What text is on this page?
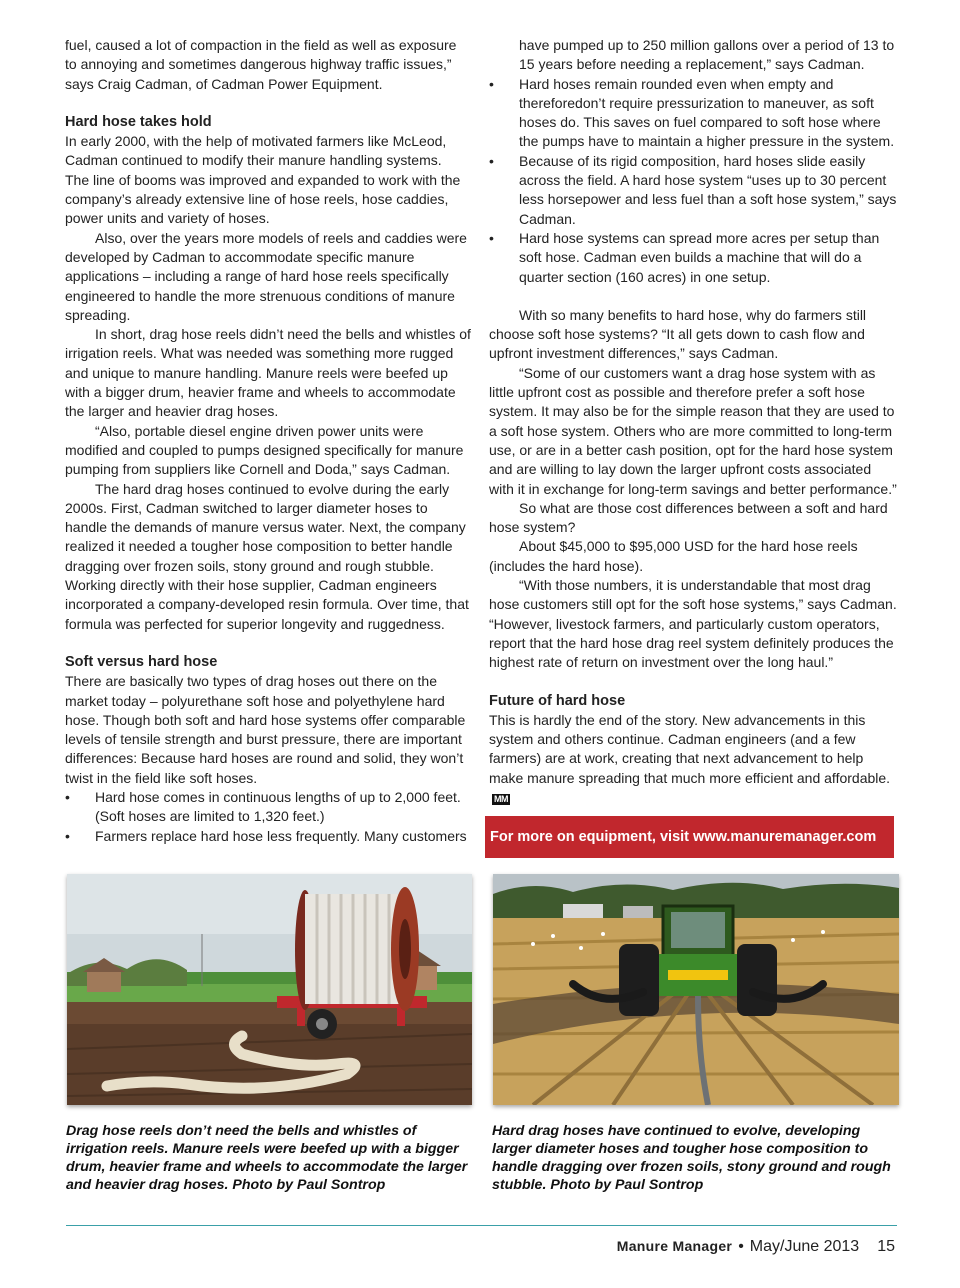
fuel, caused a lot of compaction in the field as well as exposure to annoying and sometimes dangerous highway traffic issues,” says Craig Cadman, of Cadman Power Equipment.

Hard hose takes hold

In early 2000, with the help of motivated farmers like McLeod, Cadman continued to modify their manure handling systems.

The line of booms was improved and expanded to work with the company’s already extensive line of hose reels, hose caddies, power units and variety of hoses.

Also, over the years more models of reels and caddies were developed by Cadman to accommodate specific manure applications – including a range of hard hose reels specifically engineered to handle the more strenuous conditions of manure spreading.

In short, drag hose reels didn’t need the bells and whistles of irrigation reels. What was needed was something more rugged and unique to manure handling. Manure reels were beefed up with a bigger drum, heavier frame and wheels to accommodate the larger and heavier drag hoses.

“Also, portable diesel engine driven power units were modified and coupled to pumps designed specifically for manure pumping from suppliers like Cornell and Doda,” says Cadman.

The hard drag hoses continued to evolve during the early 2000s. First, Cadman switched to larger diameter hoses to handle the demands of manure versus water. Next, the company realized it needed a tougher hose composition to better handle dragging over frozen soils, stony ground and rough stubble. Working directly with their hose supplier, Cadman engineers incorporated a company-developed resin formula. Over time, that formula was perfected for superior longevity and ruggedness.

Soft versus hard hose

There are basically two types of drag hoses out there on the market today – polyurethane soft hose and polyethylene hard hose. Though both soft and hard hose systems offer comparable levels of tensile strength and burst pressure, there are important differences: Because hard hoses are round and solid, they won’t twist in the field like soft hoses.

•	Hard hose comes in continuous lengths of up to 2,000 feet. (Soft hoses are limited to 1,320 feet.)
•	Farmers replace hard hose less frequently. Many customers

have pumped up to 250 million gallons over a period of 13 to 15 years before needing a replacement,” says Cadman.

•	Hard hoses remain rounded even when empty and thereforedon’t require pressurization to maneuver, as soft hoses do. This saves on fuel compared to soft hose where the pumps have to maintain a higher pressure in the system.
•	Because of its rigid composition, hard hoses slide easily across the field. A hard hose system “uses up to 30 percent less horsepower and less fuel than a soft hose system,” says Cadman.
•	Hard hose systems can spread more acres per setup than soft hose. Cadman even builds a machine that will do a quarter section (160 acres) in one setup.

With so many benefits to hard hose, why do farmers still choose soft hose systems? “It all gets down to cash flow and upfront investment differences,” says Cadman.

“Some of our customers want a drag hose system with as little upfront cost as possible and therefore prefer a soft hose system. It may also be for the simple reason that they are used to a soft hose system. Others who are more committed to long-term use, or are in a better cash position, opt for the hard hose system and are willing to lay down the larger upfront costs associated with it in exchange for long-term savings and better performance.”

So what are those cost differences between a soft and hard hose system?

About $45,000 to $95,000 USD for the hard hose reels (includes the hard hose).

“With those numbers, it is understandable that most drag hose customers still opt for the soft hose systems,” says Cadman. “However, livestock farmers, and particularly custom operators, report that the hard hose drag reel system definitely produces the highest rate of return on investment over the long haul.”

Future of hard hose

This is hardly the end of the story. New advancements in this system and others continue. Cadman engineers (and a few farmers) are at work, creating that next advancement to help make manure spreading that much more efficient and affordable.MM

For more on equipment, visit www.manuremanager.com
Drag hose reels don’t need the bells and whistles of irrigation reels. Manure reels were beefed up with a bigger drum, heavier frame and wheels to accommodate the larger and heavier drag hoses. Photo by Paul Sontrop
Hard drag hoses have continued to evolve, developing larger diameter hoses and tougher hose composition to handle dragging over frozen soils, stony ground and rough stubble. Photo by Paul Sontrop
Manure Manager • May/June 2013 15
